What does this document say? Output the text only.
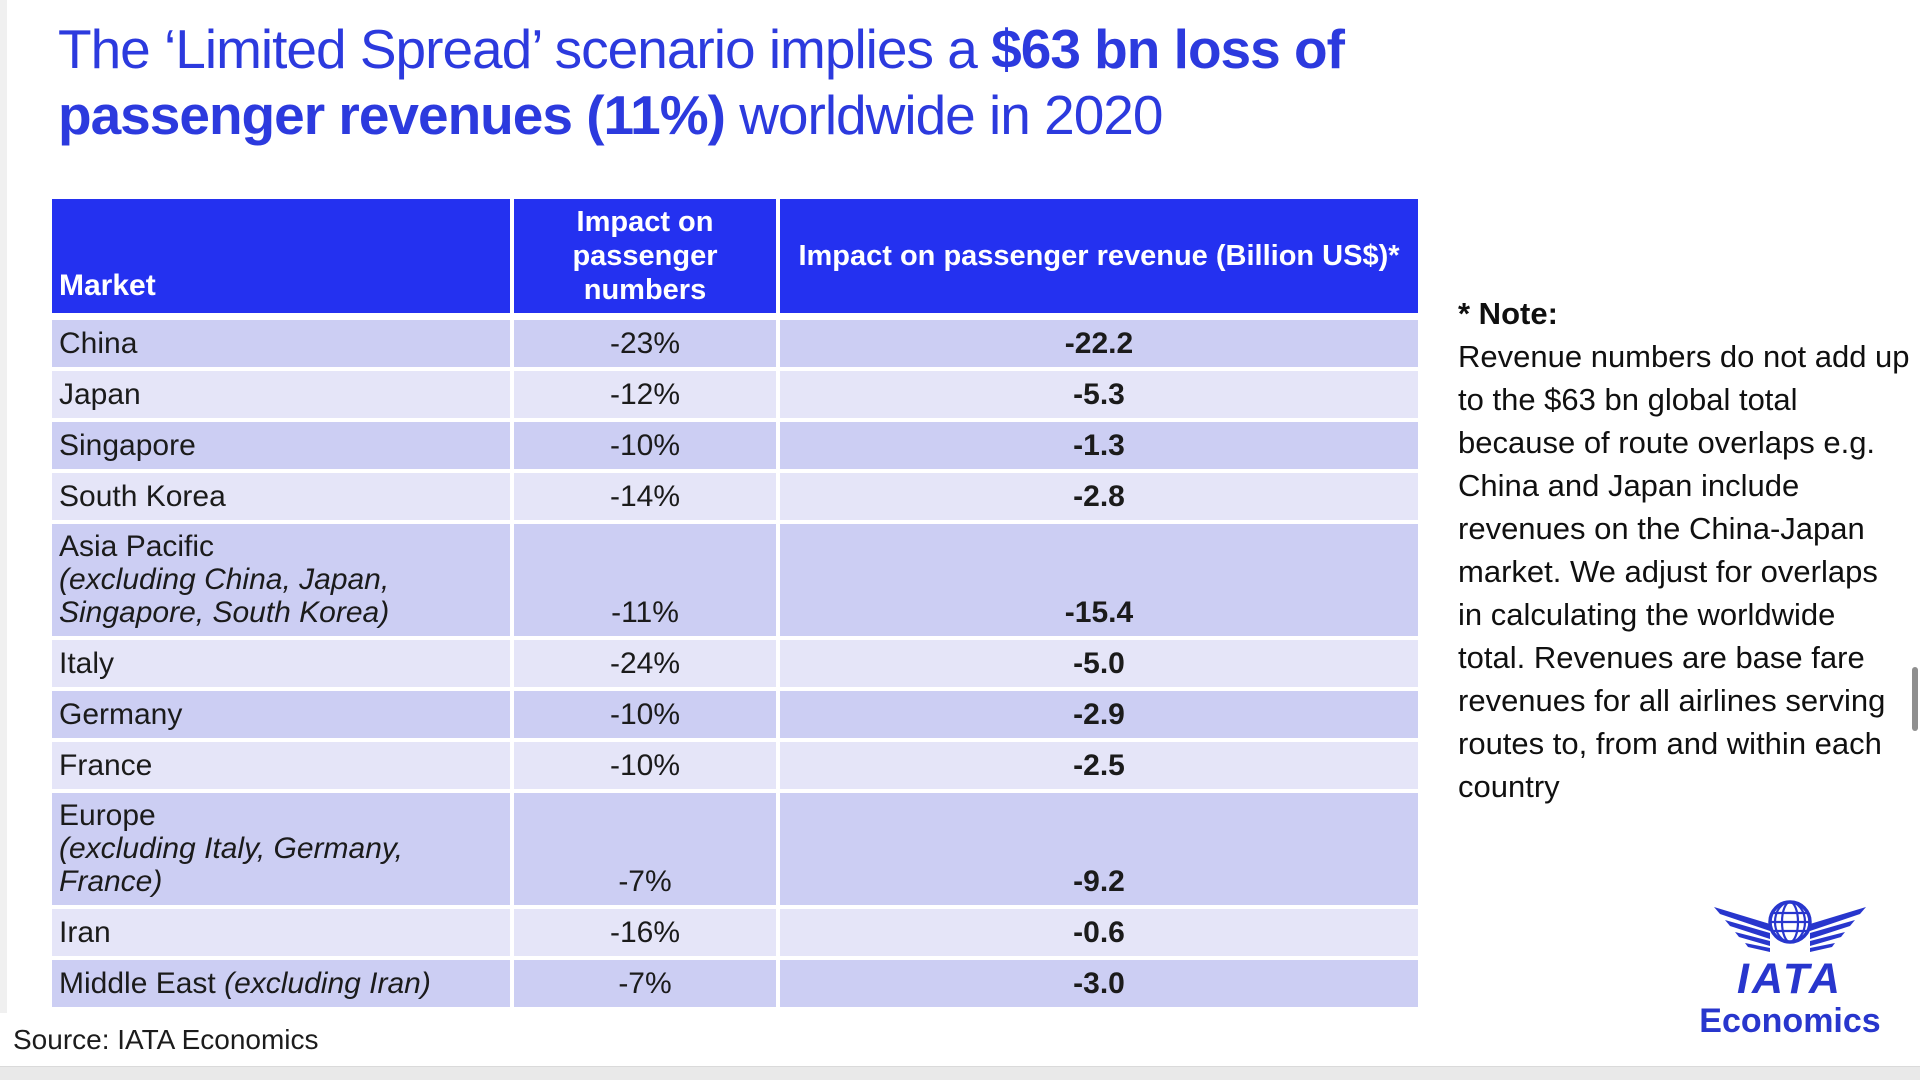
The ‘Limited Spread’ scenario implies a $63 bn loss of
passenger revenues (11%) worldwide in 2020
Market	Impact on passenger numbers	Impact on passenger revenue (Billion US$)*
China	-23%	-22.2
Japan	-12%	-5.3
Singapore	-10%	-1.3
South Korea	-14%	-2.8
Asia Pacific
(excluding China, Japan, Singapore, South Korea)	-11%	-15.4
Italy	-24%	-5.0
Germany	-10%	-2.9
France	-10%	-2.5
Europe
(excluding Italy, Germany, France)	-7%	-9.2
Iran	-16%	-0.6
Middle East (excluding Iran)	-7%	-3.0
* Note:
Revenue numbers do not add up to the $63 bn global total because of route overlaps e.g. China and Japan include revenues on the China-Japan market. We adjust for overlaps in calculating the worldwide total. Revenues are base fare revenues for all airlines serving routes to, from and within each country
IATA
Economics
Source: IATA Economics
